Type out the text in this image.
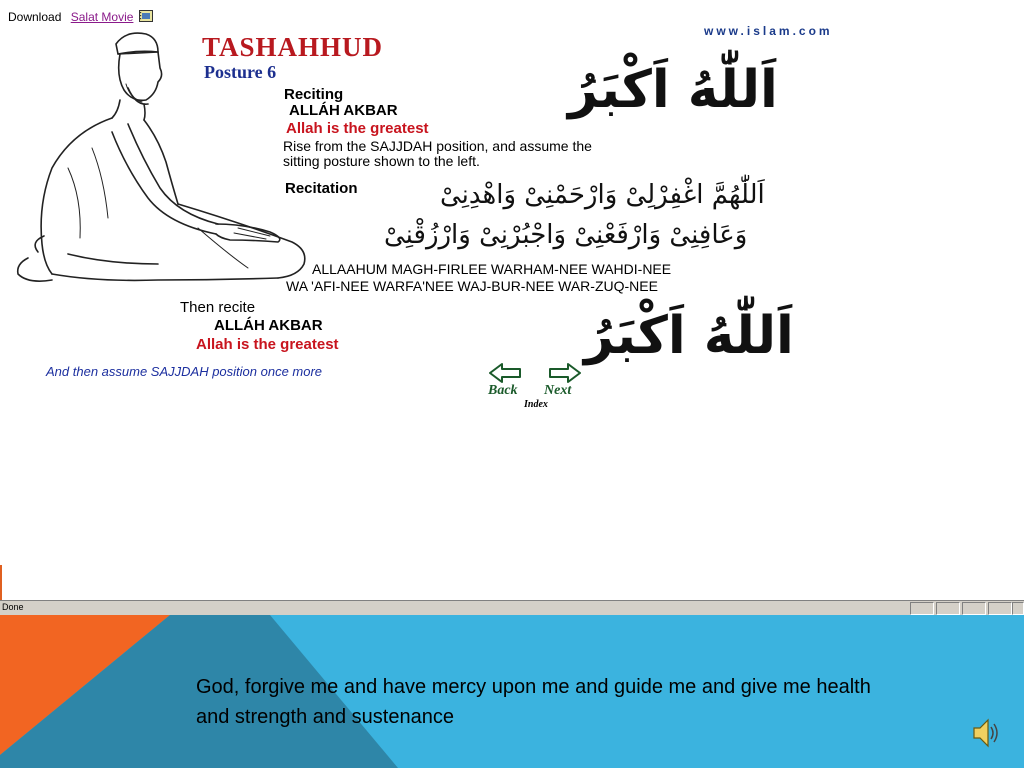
Download Salat Movie
www.islam.com
TASHAHHUD
Posture 6
Reciting
ALLÁH AKBAR
Allah is the greatest
Rise from the SAJJDAH position, and assume the
sitting posture shown to the left.
اَللّٰهُ اَكْبَرُ
Recitation	اَللّٰهُمَّ اغْفِرْلِىْ وَارْحَمْنِىْ وَاهْدِنِىْ
وَعَافِنِىْ وَارْفَعْنِىْ وَاجْبُرْنِىْ وَارْزُقْنِىْ
ALLAAHUM MAGH-FIRLEE WARHAM-NEE WAHDI-NEE
WA 'AFI-NEE WARFA'NEE WAJ-BUR-NEE WAR-ZUQ-NEE
Then recite
ALLÁH AKBAR
Allah is the greatest	اَللّٰهُ اَكْبَرُ
And then assume SAJJDAH position once more
Back Next
Index
Done
God, forgive me and have mercy upon me and guide me and give me health and strength and sustenance
